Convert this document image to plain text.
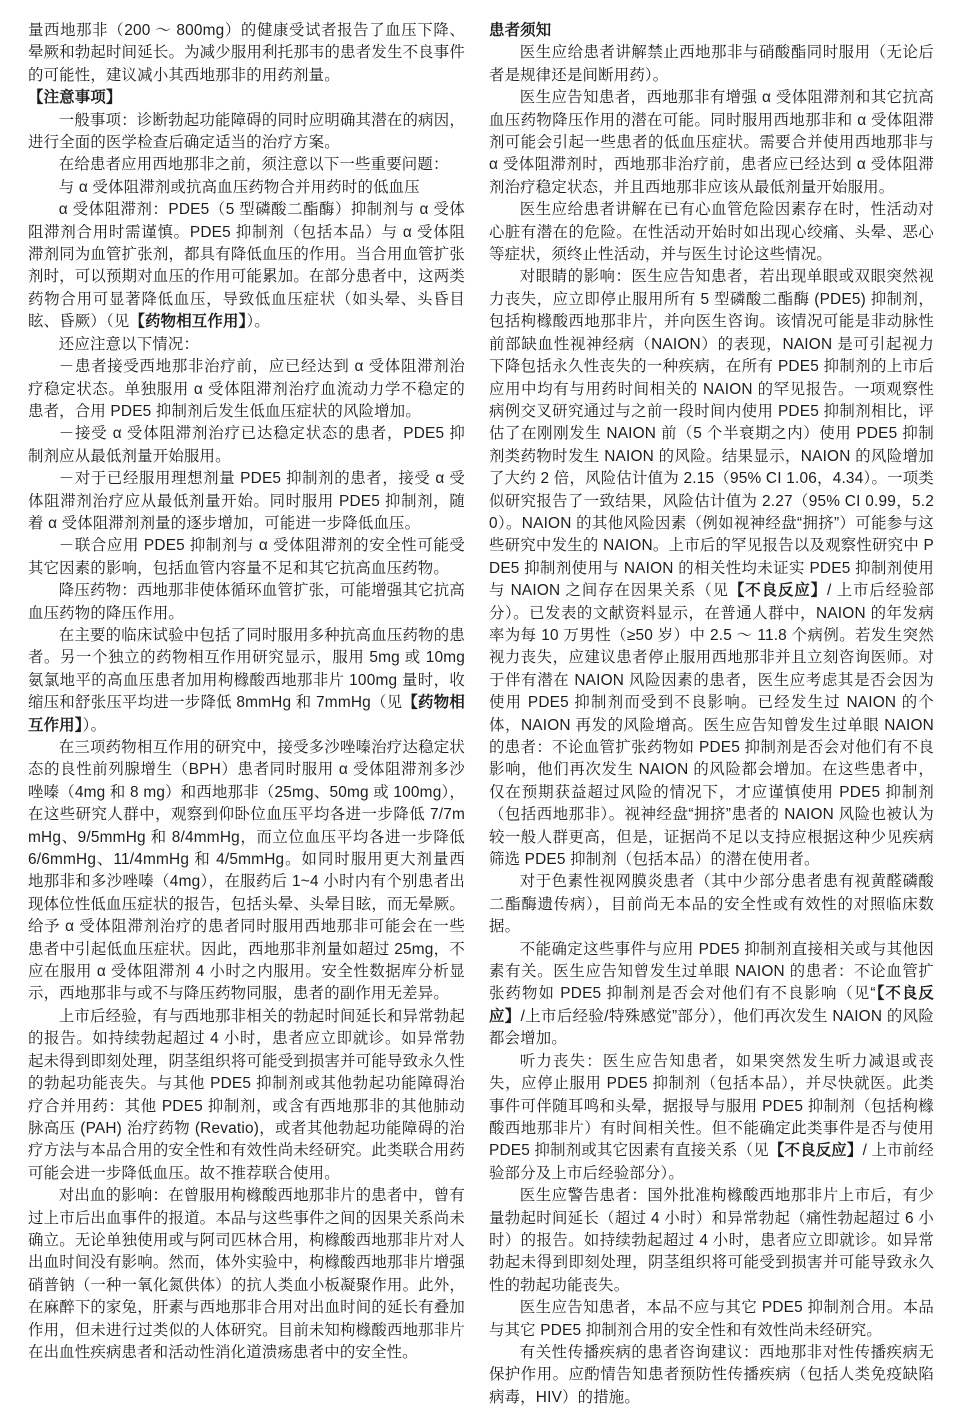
量西地那非（200 ～ 800mg）的健康受试者报告了血压下降、晕厥和勃起时间延长。为减少服用利托那韦的患者发生不良事件的可能性，建议减小其西地那非的用药剂量。

【注意事项】

一般事项：诊断勃起功能障碍的同时应明确其潜在的病因，进行全面的医学检查后确定适当的治疗方案。

在给患者应用西地那非之前，须注意以下一些重要问题：

与 α 受体阻滞剂或抗高血压药物合并用药时的低血压

α 受体阻滞剂：PDE5（5 型磷酸二酯酶）抑制剂与 α 受体阻滞剂合用时需谨慎。PDE5 抑制剂（包括本品）与 α 受体阻滞剂同为血管扩张剂，都具有降低血压的作用。当合用血管扩张剂时，可以预期对血压的作用可能累加。在部分患者中，这两类药物合用可显著降低血压，导致低血压症状（如头晕、头昏目眩、昏厥）（见【药物相互作用】）。

还应注意以下情况：

－患者接受西地那非治疗前，应已经达到 α 受体阻滞剂治疗稳定状态。单独服用 α 受体阻滞剂治疗血流动力学不稳定的患者，合用 PDE5 抑制剂后发生低血压症状的风险增加。

－接受 α 受体阻滞剂治疗已达稳定状态的患者，PDE5 抑制剂应从最低剂量开始服用。

－对于已经服用理想剂量 PDE5 抑制剂的患者，接受 α 受体阻滞剂治疗应从最低剂量开始。同时服用 PDE5 抑制剂，随着 α 受体阻滞剂剂量的逐步增加，可能进一步降低血压。

－联合应用 PDE5 抑制剂与 α 受体阻滞剂的安全性可能受其它因素的影响，包括血管内容量不足和其它抗高血压药物。

降压药物：西地那非使体循环血管扩张，可能增强其它抗高血压药物的降压作用。

在主要的临床试验中包括了同时服用多种抗高血压药物的患者。另一个独立的药物相互作用研究显示，服用 5mg 或 10mg 氨氯地平的高血压患者加用枸橼酸西地那非片 100mg 量时，收缩压和舒张压平均进一步降低 8mmHg 和 7mmHg（见【药物相互作用】）。

在三项药物相互作用的研究中，接受多沙唑嗪治疗达稳定状态的良性前列腺增生（BPH）患者同时服用 α 受体阻滞剂多沙唑嗪（4mg 和 8 mg）和西地那非（25mg、50mg 或 100mg），在这些研究人群中，观察到仰卧位血压平均各进一步降低 7/7mmHg、9/5mmHg 和 8/4mmHg，而立位血压平均各进一步降低 6/6mmHg、11/4mmHg 和 4/5mmHg。如同时服用更大剂量西地那非和多沙唑嗪（4mg），在服药后 1~4 小时内有个别患者出现体位性低血压症状的报告，包括头晕、头晕目眩，而无晕厥。给予 α 受体阻滞剂治疗的患者同时服用西地那非可能会在一些患者中引起低血压症状。因此，西地那非剂量如超过 25mg，不应在服用 α 受体阻滞剂 4 小时之内服用。安全性数据库分析显示，西地那非与或不与降压药物同服，患者的副作用无差异。

上市后经验，有与西地那非相关的勃起时间延长和异常勃起的报告。如持续勃起超过 4 小时，患者应立即就诊。如异常勃起未得到即刻处理，阴茎组织将可能受到损害并可能导致永久性的勃起功能丧失。与其他 PDE5 抑制剂或其他勃起功能障碍治疗合并用药：其他 PDE5 抑制剂，或含有西地那非的其他肺动脉高压 (PAH) 治疗药物 (Revatio)，或者其他勃起功能障碍的治疗方法与本品合用的安全性和有效性尚未经研究。此类联合用药可能会进一步降低血压。故不推荐联合使用。

对出血的影响：在曾服用枸橼酸西地那非片的患者中，曾有过上市后出血事件的报道。本品与这些事件之间的因果关系尚未确立。无论单独使用或与阿司匹林合用，枸橼酸西地那非片对人出血时间没有影响。然而，体外实验中，枸橼酸西地那非片增强硝普钠（一种一氧化氮供体）的抗人类血小板凝聚作用。此外，在麻醉下的家兔，肝素与西地那非合用对出血时间的延长有叠加作用，但未进行过类似的人体研究。目前未知枸橼酸西地那非片在出血性疾病患者和活动性消化道溃疡患者中的安全性。

患者须知

医生应给患者讲解禁止西地那非与硝酸酯同时服用（无论后者是规律还是间断用药）。

医生应告知患者，西地那非有增强 α 受体阻滞剂和其它抗高血压药物降压作用的潜在可能。同时服用西地那非和 α 受体阻滞剂可能会引起一些患者的低血压症状。需要合并使用西地那非与 α 受体阻滞剂时，西地那非治疗前，患者应已经达到 α 受体阻滞剂治疗稳定状态，并且西地那非应该从最低剂量开始服用。

医生应给患者讲解在已有心血管危险因素存在时，性活动对心脏有潜在的危险。在性活动开始时如出现心绞痛、头晕、恶心等症状，须终止性活动，并与医生讨论这些情况。

对眼睛的影响：医生应告知患者，若出现单眼或双眼突然视力丧失，应立即停止服用所有 5 型磷酸二酯酶 (PDE5) 抑制剂，包括枸橼酸西地那非片，并向医生咨询。该情况可能是非动脉性前部缺血性视神经病（NAION）的表现，NAION 是可引起视力下降包括永久性丧失的一种疾病，在所有 PDE5 抑制剂的上市后应用中均有与用药时间相关的 NAION 的罕见报告。一项观察性病例交叉研究通过与之前一段时间内使用 PDE5 抑制剂相比，评估了在刚刚发生 NAION 前（5 个半衰期之内）使用 PDE5 抑制剂类药物时发生 NAION 的风险。结果显示，NAION 的风险增加了大约 2 倍，风险估计值为 2.15（95% CI 1.06，4.34）。一项类似研究报告了一致结果，风险估计值为 2.27（95% CI 0.99，5.20）。NAION 的其他风险因素（例如视神经盘“拥挤”）可能参与这些研究中发生的 NAION。上市后的罕见报告以及观察性研究中 PDE5 抑制剂使用与 NAION 的相关性均未证实 PDE5 抑制剂使用与 NAION 之间存在因果关系（见【不良反应】/ 上市后经验部分）。已发表的文献资料显示，在普通人群中，NAION 的年发病率为每 10 万男性（≥50 岁）中 2.5 ～ 11.8 个病例。若发生突然视力丧失，应建议患者停止服用西地那非并且立刻咨询医师。对于伴有潜在 NAION 风险因素的患者，医生应考虑其是否会因为使用 PDE5 抑制剂而受到不良影响。已经发生过 NAION 的个体，NAION 再发的风险增高。医生应告知曾发生过单眼 NAION 的患者：不论血管扩张药物如 PDE5 抑制剂是否会对他们有不良影响，他们再次发生 NAION 的风险都会增加。在这些患者中，仅在预期获益超过风险的情况下，才应谨慎使用 PDE5 抑制剂（包括西地那非）。视神经盘“拥挤”患者的 NAION 风险也被认为较一般人群更高，但是，证据尚不足以支持应根据这种少见疾病筛选 PDE5 抑制剂（包括本品）的潜在使用者。

对于色素性视网膜炎患者（其中少部分患者患有视黄醛磷酸二酯酶遗传病），目前尚无本品的安全性或有效性的对照临床数据。

不能确定这些事件与应用 PDE5 抑制剂直接相关或与其他因素有关。医生应告知曾发生过单眼 NAION 的患者：不论血管扩张药物如 PDE5 抑制剂是否会对他们有不良影响（见“【不良反应】/上市后经验/特殊感觉”部分），他们再次发生 NAION 的风险都会增加。

听力丧失：医生应告知患者，如果突然发生听力减退或丧失，应停止服用 PDE5 抑制剂（包括本品），并尽快就医。此类事件可伴随耳鸣和头晕，据报导与服用 PDE5 抑制剂（包括枸橼酸西地那非片）有时间相关性。但不能确定此类事件是否与使用 PDE5 抑制剂或其它因素有直接关系（见【不良反应】/ 上市前经验部分及上市后经验部分）。

医生应警告患者：国外批准枸橼酸西地那非片上市后，有少量勃起时间延长（超过 4 小时）和异常勃起（痛性勃起超过 6 小时）的报告。如持续勃起超过 4 小时，患者应立即就诊。如异常勃起未得到即刻处理，阴茎组织将可能受到损害并可能导致永久性的勃起功能丧失。

医生应告知患者，本品不应与其它 PDE5 抑制剂合用。本品与其它 PDE5 抑制剂合用的安全性和有效性尚未经研究。

有关性传播疾病的患者咨询建议：西地那非对性传播疾病无保护作用。应酌情告知患者预防性传播疾病（包括人类免疫缺陷病毒，HIV）的措施。
